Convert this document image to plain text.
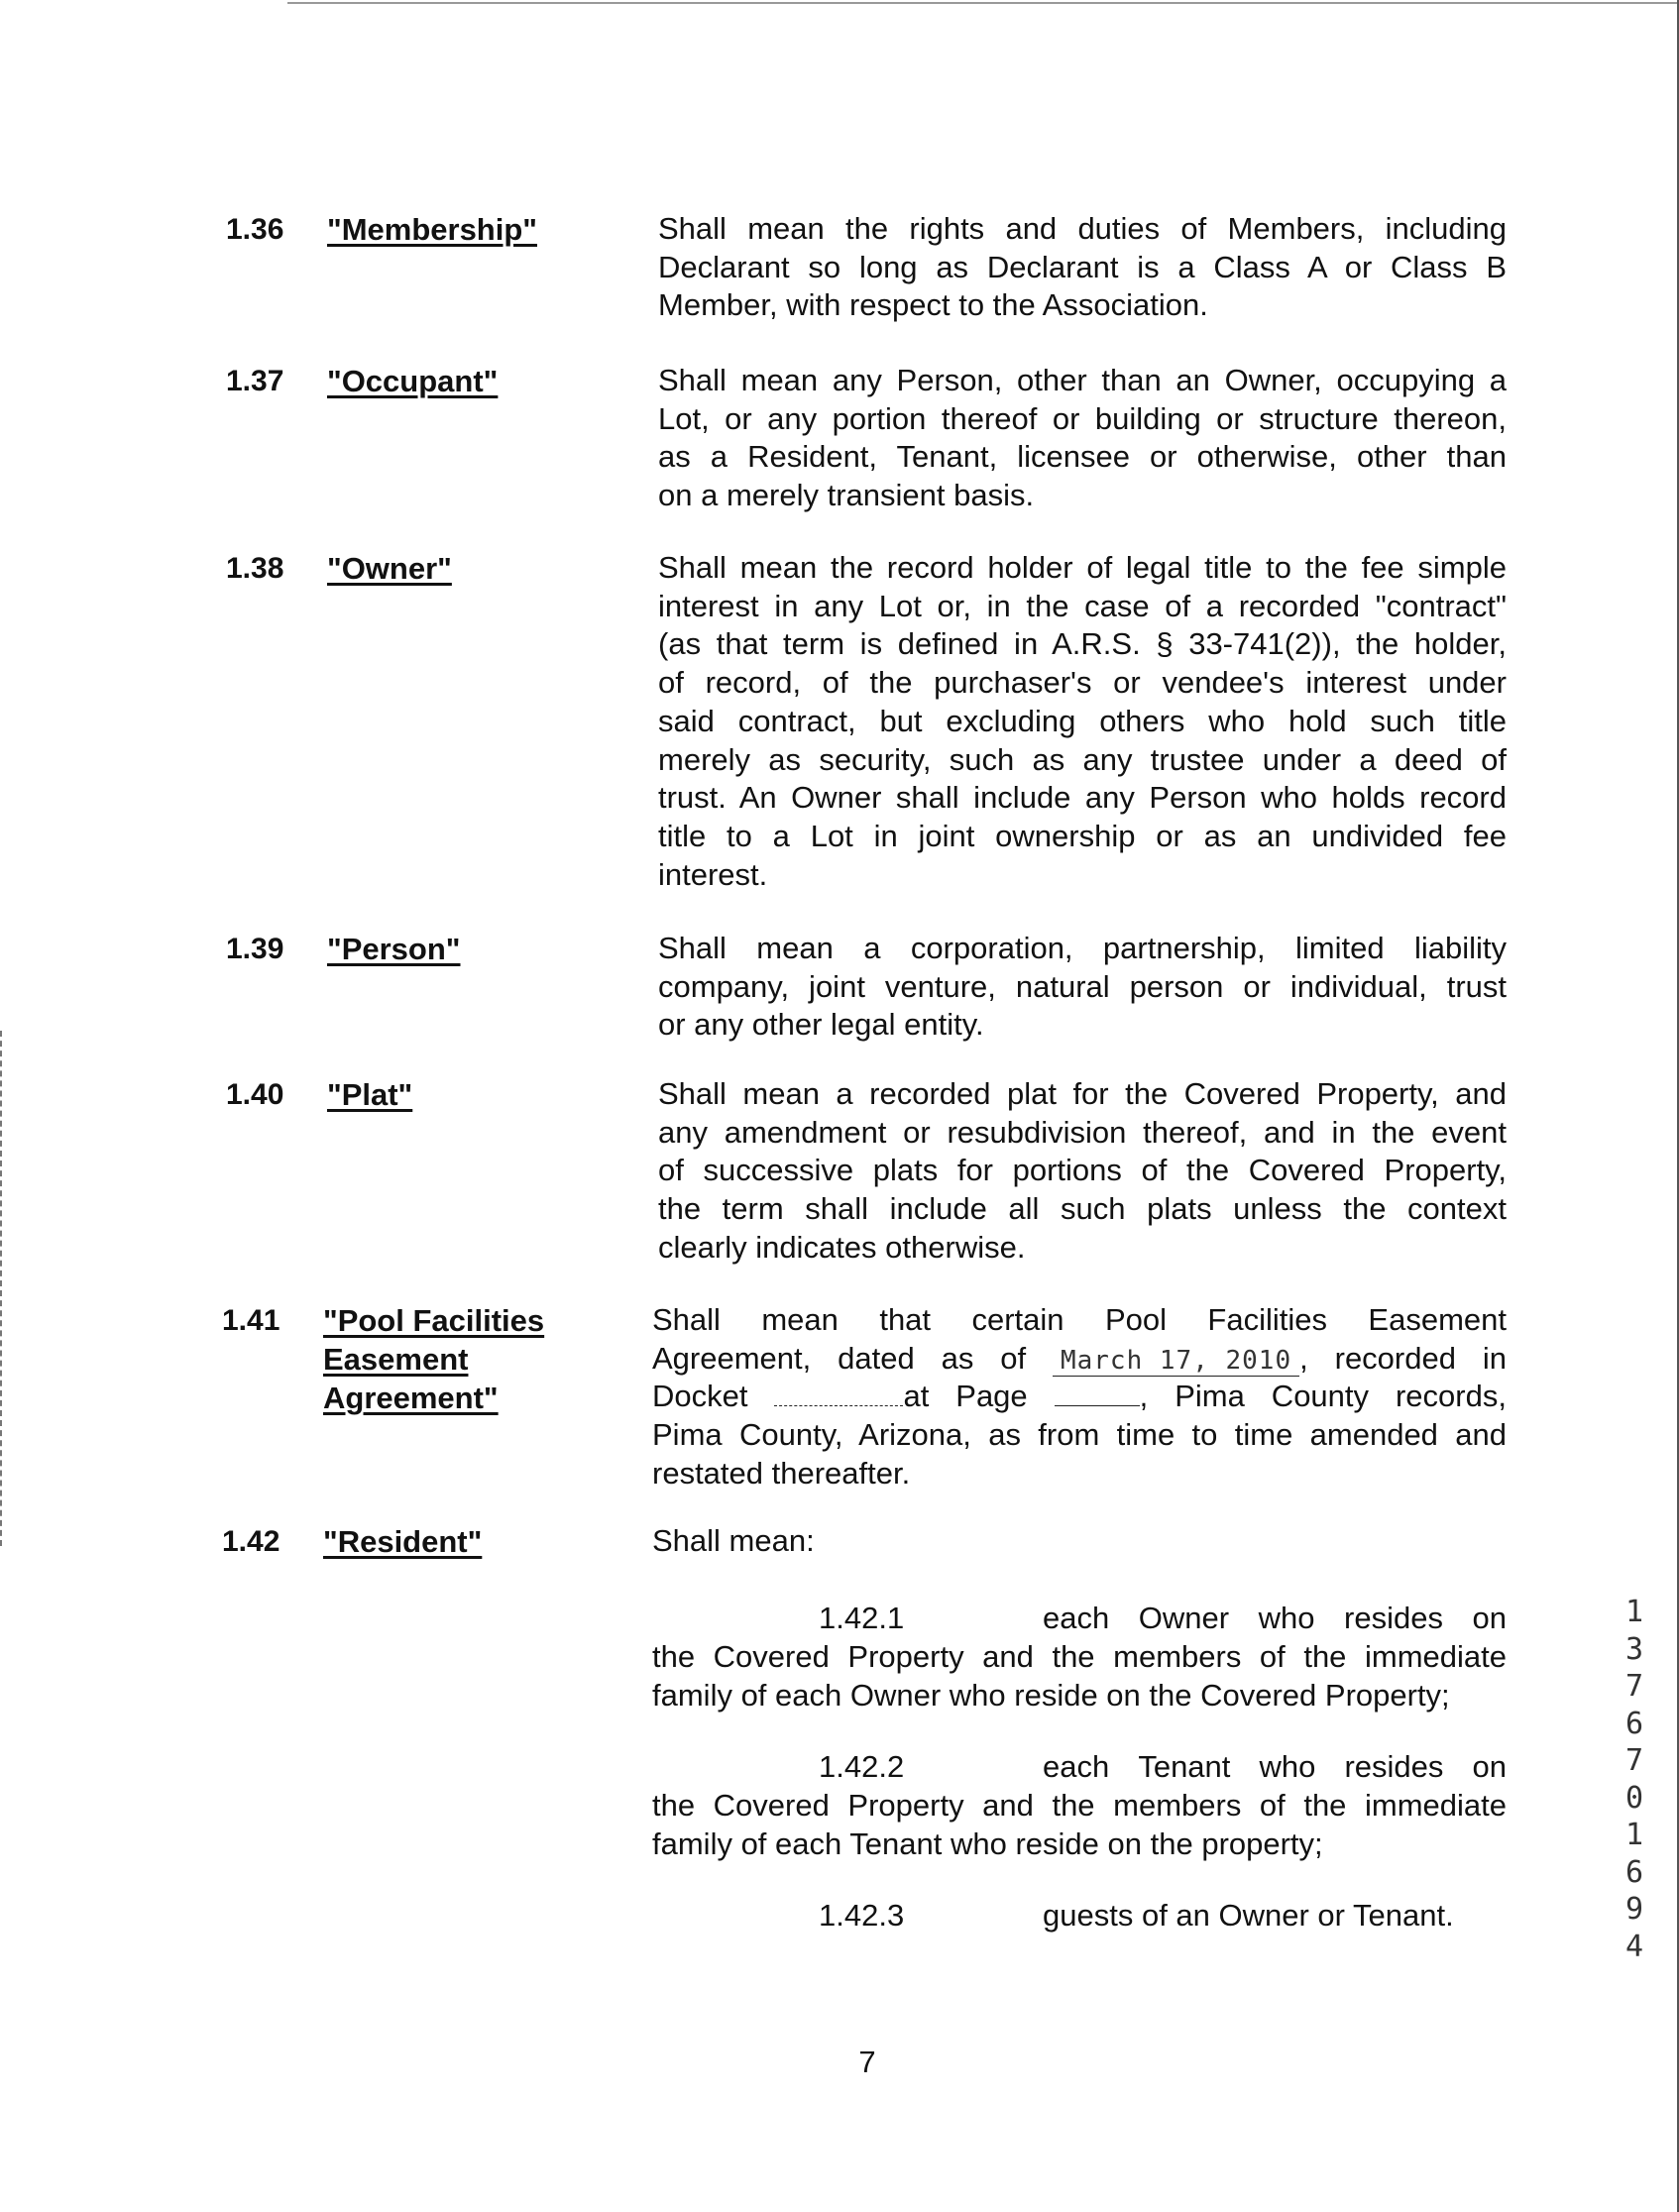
1.36	"Membership"	Shall mean the rights and duties of Members, including
Declarant so long as Declarant is a Class A or Class B
Member, with respect to the Association.
1.37	"Occupant"	Shall mean any Person, other than an Owner, occupying a
Lot, or any portion thereof or building or structure thereon,
as a Resident, Tenant, licensee or otherwise, other than
on a merely transient basis.
1.38	"Owner"	Shall mean the record holder of legal title to the fee simple
interest in any Lot or, in the case of a recorded "contract"
(as that term is defined in A.R.S. § 33-741(2)), the holder,
of record, of the purchaser's or vendee's interest under
said contract, but excluding others who hold such title
merely as security, such as any trustee under a deed of
trust. An Owner shall include any Person who holds record
title to a Lot in joint ownership or as an undivided fee
interest.
1.39	"Person"	Shall mean a corporation, partnership, limited liability
company, joint venture, natural person or individual, trust
or any other legal entity.
1.40	"Plat"	Shall mean a recorded plat for the Covered Property, and
any amendment or resubdivision thereof, and in the event
of successive plats for portions of the Covered Property,
the term shall include all such plats unless the context
clearly indicates otherwise.
1.41	"Pool Facilities
Easement
Agreement"
Shall mean that certain Pool Facilities Easement
Agreement, dated as of March 17, 2010 , recorded in
Docket	at Page	, Pima County records,
Pima County, Arizona, as from time to time amended and
restated thereafter.
1.42	"Resident"	Shall mean:
1.42.1	each Owner who resides on
the Covered Property and the members of the immediate
family of each Owner who reside on the Covered Property;
1.42.2	each Tenant who resides on
the Covered Property and the members of the immediate
family of each Tenant who reside on the property;
1.42.3	guests of an Owner or Tenant.
7
13767 01694
